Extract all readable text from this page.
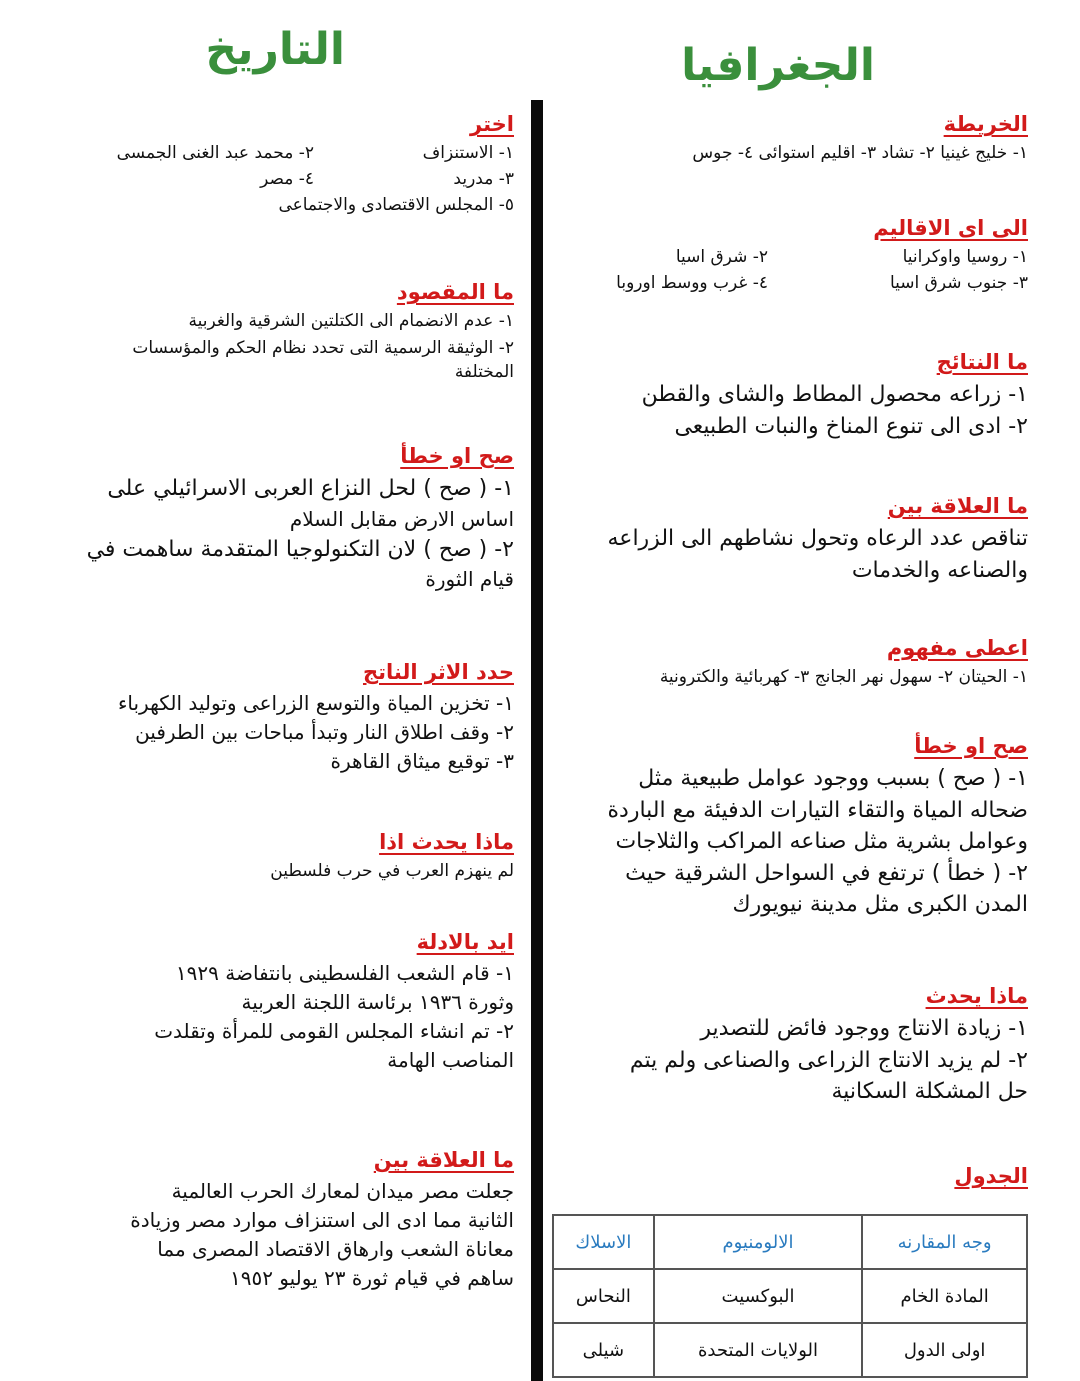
الجغرافيا
التاريخ
الخريطة
١- خليج غينيا ٢- تشاد ٣- اقليم استوائى ٤- جوس
الى اى الاقاليم
١- روسيا واوكرانيا
٢- شرق اسيا
٣- جنوب شرق اسيا
٤- غرب ووسط اوروبا
ما النتائج
١- زراعه محصول المطاط والشاى والقطن
٢- ادى الى تنوع المناخ والنبات الطبيعى
ما العلاقة بين
تناقص عدد الرعاه وتحول نشاطهم الى الزراعه
والصناعه والخدمات
اعطى مفهوم
١- الحيتان ٢- سهول نهر الجانج ٣- كهربائية والكترونية
صح او خطأ
١- ( صح ) بسبب ووجود عوامل طبيعية مثل
ضحاله المياة والتقاء التيارات الدفيئة مع الباردة
وعوامل بشرية مثل صناعه المراكب والثلاجات
٢- ( خطأ ) ترتفع في السواحل الشرقية حيث
المدن الكبرى مثل مدينة نيويورك
ماذا يحدث
١- زيادة الانتاج ووجود فائض للتصدير
٢- لم يزيد الانتاج الزراعى والصناعى ولم يتم
حل المشكلة السكانية
الجدول
وجه المقارنه	الالومنيوم	الاسلاك
المادة الخام	البوكسيت	النحاس
اولى الدول	الولايات المتحدة	شيلى
اختر
١- الاستنزاف
٢- محمد عبد الغنى الجمسى
٣- مدريد
٤- مصر
٥- المجلس الاقتصادى والاجتماعى
ما المقصود
١- عدم الانضمام الى الكتلتين الشرقية والغربية
٢- الوثيقة الرسمية التى تحدد نظام الحكم والمؤسسات
المختلفة
صح او خطأ
١- ( صح ) لحل النزاع العربى الاسرائيلي على
اساس الارض مقابل السلام
٢- ( صح ) لان التكنولوجيا المتقدمة ساهمت في
قيام الثورة
حدد الاثر الناتج
١- تخزين المياة والتوسع الزراعى وتوليد الكهرباء
٢- وقف اطلاق النار وتبدأ مباحات بين الطرفين
٣- توقيع ميثاق القاهرة
ماذا يحدث اذا
لم ينهزم العرب في حرب فلسطين
ايد بالادلة
١- قام الشعب الفلسطينى بانتفاضة ١٩٢٩
وثورة ١٩٣٦ برئاسة اللجنة العربية
٢- تم انشاء المجلس القومى للمرأة وتقلدت
المناصب الهامة
ما العلاقة بين
جعلت مصر ميدان لمعارك الحرب العالمية
الثانية مما ادى الى استنزاف موارد مصر وزيادة
معاناة الشعب وارهاق الاقتصاد المصرى مما
ساهم في قيام ثورة ٢٣ يوليو ١٩٥٢
